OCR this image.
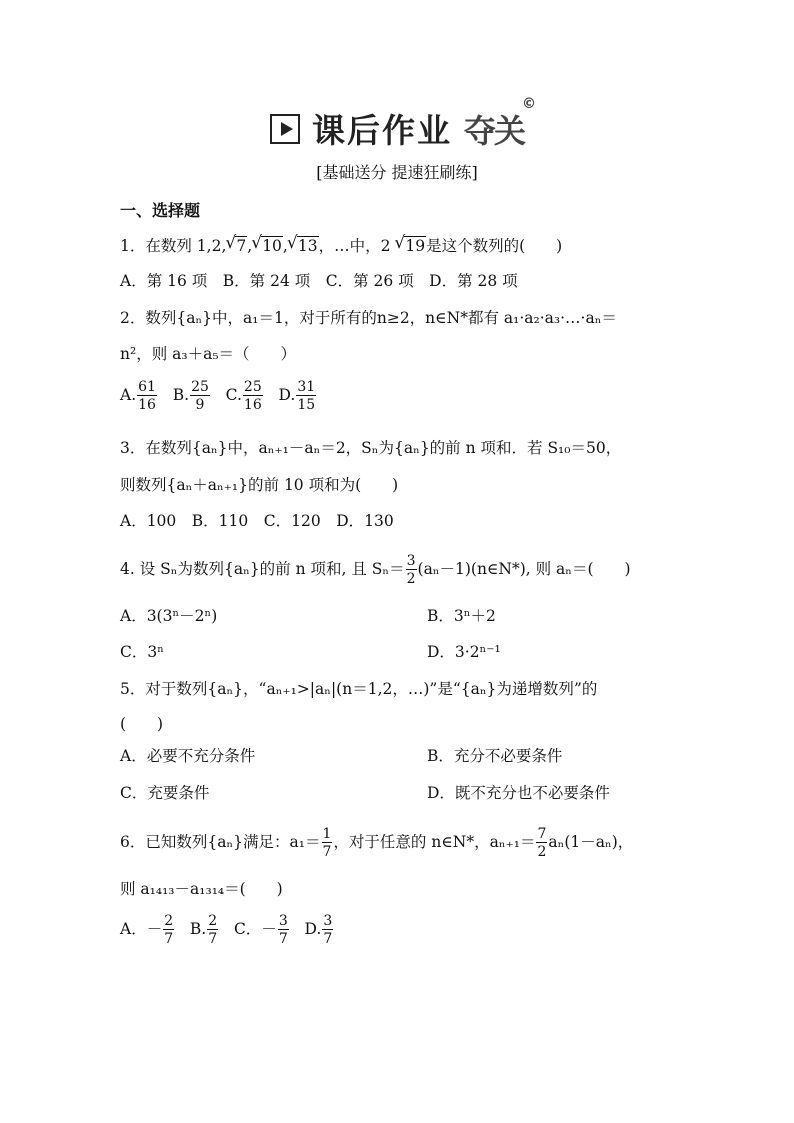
课后作业 夺关 ©
[基础送分 提速狂刷练]
一、选择题
1．在数列 1,2, √ 7, √ 10, √ 13，…中，2 √ 19是这个数列的(　　)
A．第 16 项　B．第 24 项　C．第 26 项　D．第 28 项
2．数列{aₙ}中，a₁＝1，对于所有的n≥2，n∈N*都有 a₁·a₂·a₃·…·aₙ＝
n²，则 a₃＋a₅＝（　　）
A. $\frac{61}{16} B$. $\frac{25}{9} C$. $\frac{25}{16} D$. $\frac{31}{15}$
3．在数列{aₙ}中，aₙ₊₁－aₙ＝2，Sₙ为{aₙ}的前 n 项和．若 S₁₀＝50，
则数列{aₙ＋aₙ₊₁}的前 10 项和为(　　)
A．100　B．110　C．120　D．130
4. 设 Sₙ为数列{aₙ}的前 n 项和, 且 $S_n= \frac{3}{2}$ (aₙ－1)(n∈N*), 则 aₙ＝(　　)
A．3(3ⁿ－2ⁿ)	B．3ⁿ＋2
C．3ⁿ	D．3·2ⁿ⁻¹
5．对于数列{aₙ}，“aₙ₊₁>|aₙ|(n＝1,2，…)”是“{aₙ}为递增数列”的
(　　)
A．必要不充分条件	B．充分不必要条件
C．充要条件	D．既不充分也不必要条件
6．已知数列{aₙ}满足：$a_1= \frac{1}{7}$ ，对于任意的 n∈N*，$a_{n+1}= \frac{7}{2} a_n(1-a_n)$，
则 a₁₄₁₃－a₁₃₁₄＝(　　)
A．－ $\frac{2}{7} B$. $\frac{2}{7}$ C．－ $\frac{3}{7} D$. $\frac{3}{7}$
